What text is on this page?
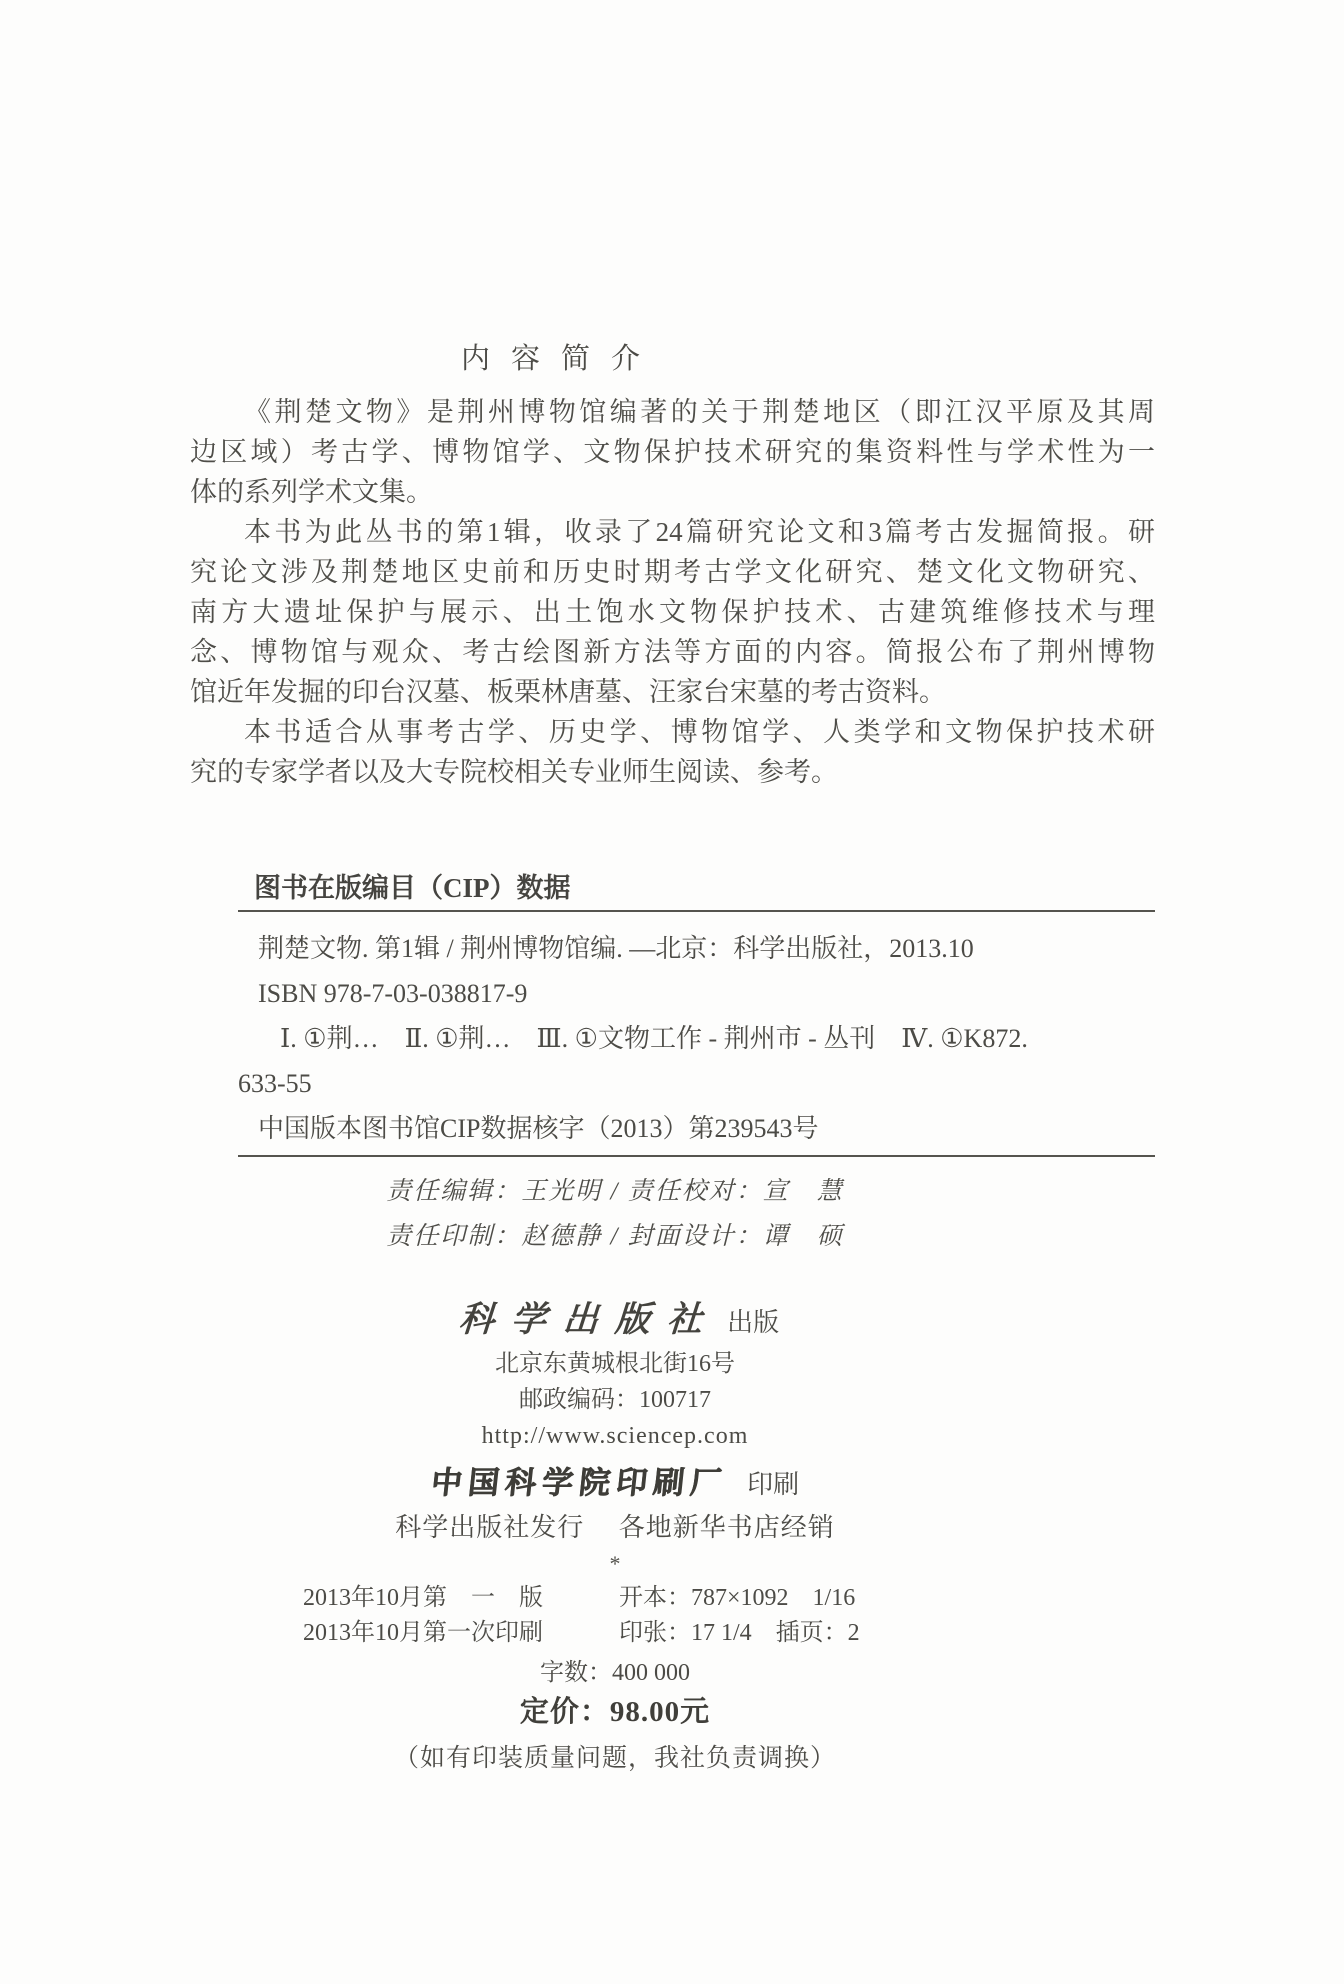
内容简介
《荆楚文物》是荆州博物馆编著的关于荆楚地区（即江汉平原及其周
边区域）考古学、博物馆学、文物保护技术研究的集资料性与学术性为一
体的系列学术文集。
本书为此丛书的第1辑，收录了24篇研究论文和3篇考古发掘简报。研
究论文涉及荆楚地区史前和历史时期考古学文化研究、楚文化文物研究、
南方大遗址保护与展示、出土饱水文物保护技术、古建筑维修技术与理
念、博物馆与观众、考古绘图新方法等方面的内容。简报公布了荆州博物
馆近年发掘的印台汉墓、板栗林唐墓、汪家台宋墓的考古资料。
本书适合从事考古学、历史学、博物馆学、人类学和文物保护技术研
究的专家学者以及大专院校相关专业师生阅读、参考。
图书在版编目（CIP）数据
荆楚文物. 第1辑 / 荆州博物馆编. —北京：科学出版社，2013.10
ISBN 978-7-03-038817-9
Ⅰ. ①荆…　Ⅱ. ①荆…　Ⅲ. ①文物工作 - 荆州市 - 丛刊　Ⅳ. ①K872.
633-55
中国版本图书馆CIP数据核字（2013）第239543号
责任编辑：王光明 / 责任校对：宣　慧
责任印制：赵德静 / 封面设计：谭　硕
科学出版社 出版
北京东黄城根北街16号
邮政编码：100717
http://www.sciencep.com
中国科学院印刷厂 印刷
科学出版社发行　 各地新华书店经销
*
2013年10月第　一　版	开本：787×1092　1/16
2013年10月第一次印刷	印张：17 1/4　插页：2
字数：400 000
定价：98.00元
（如有印装质量问题，我社负责调换）
